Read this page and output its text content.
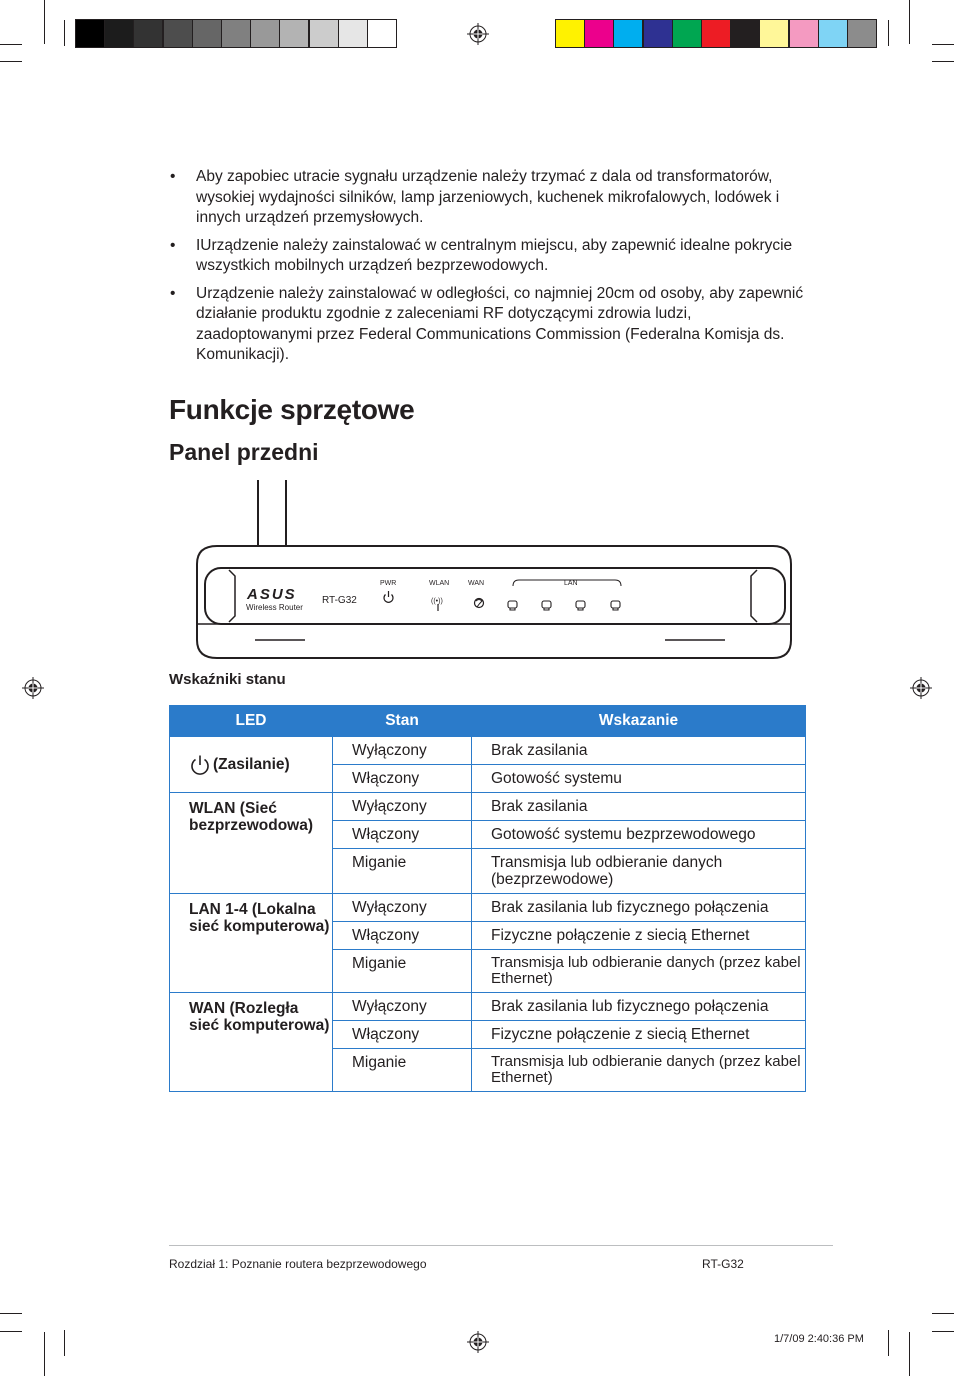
• Aby zapobiec utracie sygnału urządzenie należy trzymać z dala od transformatorów, wysokiej wydajności silników, lamp jarzeniowych, kuchenek mikrofalowych, lodówek i innych urządzeń przemysłowych.
• IUrządzenie należy zainstalować w centralnym miejscu, aby zapewnić idealne pokrycie wszystkich mobilnych urządzeń bezprzewodowych.
• Urządzenie należy zainstalować w odległości, co najmniej 20cm od osoby, aby zapewnić działanie produktu zgodnie z zaleceniami RF dotyczącymi zdrowia ludzi, zaadoptowanymi przez Federal Communications Commission (Federalna Komisja ds. Komunikacji).
Funkcje sprzętowe
Panel przedni
ASUS
Wireless Router
RT-G32
PWR	WLAN	WAN	LAN
((•))
Wskaźniki stanu
LED	Stan	Wskazanie
(Zasilanie)	Wyłączony	Brak zasilania
	Włączony	Gotowość systemu
WLAN (Sieć bezprzewodowa)	Wyłączony	Brak zasilania
	Włączony	Gotowość systemu bezprzewodowego
	Miganie	Transmisja lub odbieranie danych (bezprzewodowe)
LAN 1-4 (Lokalna sieć komputerowa)	Wyłączony	Brak zasilania lub fizycznego połączenia
	Włączony	Fizyczne połączenie z siecią Ethernet
	Miganie	Transmisja lub odbieranie danych (przez kabel Ethernet)
WAN (Rozległa sieć komputerowa)	Wyłączony	Brak zasilania lub fizycznego połączenia
	Włączony	Fizyczne połączenie z siecią Ethernet
	Miganie	Transmisja lub odbieranie danych (przez kabel Ethernet)
Rozdział 1: Poznanie routera bezprzewodowego	RT-G32
1/7/09 2:40:36 PM
